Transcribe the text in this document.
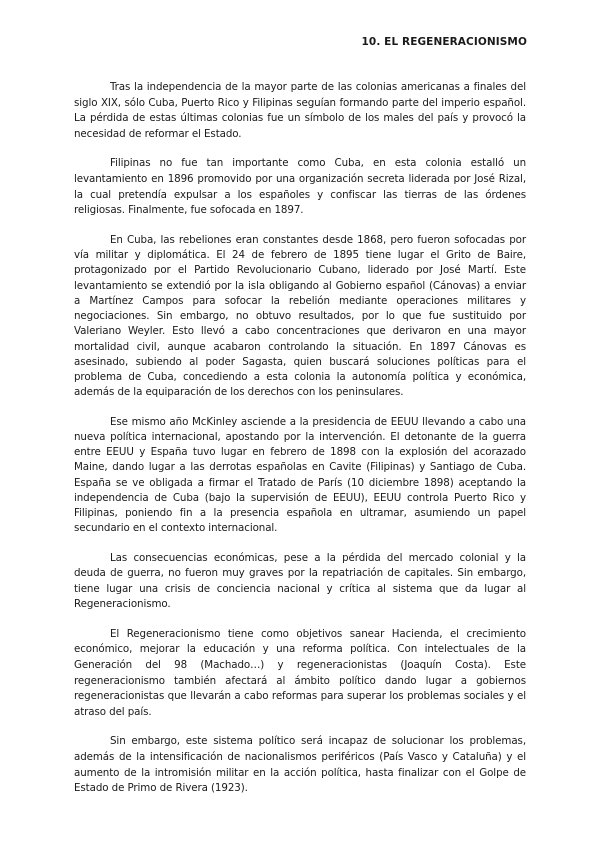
10. EL REGENERACIONISMO

Tras la independencia de la mayor parte de las colonias americanas a finales del siglo XIX, sólo Cuba, Puerto Rico y Filipinas seguían formando parte del imperio español. La pérdida de estas últimas colonias fue un símbolo de los males del país y provocó la necesidad de reformar el Estado.

Filipinas no fue tan importante como Cuba, en esta colonia estalló un levantamiento en 1896 promovido por una organización secreta liderada por José Rizal, la cual pretendía expulsar a los españoles y confiscar las tierras de las órdenes religiosas. Finalmente, fue sofocada en 1897.

En Cuba, las rebeliones eran constantes desde 1868, pero fueron sofocadas por vía militar y diplomática. El 24 de febrero de 1895 tiene lugar el Grito de Baire, protagonizado por el Partido Revolucionario Cubano, liderado por José Martí. Este levantamiento se extendió por la isla obligando al Gobierno español (Cánovas) a enviar a Martínez Campos para sofocar la rebelión mediante operaciones militares y negociaciones. Sin embargo, no obtuvo resultados, por lo que fue sustituido por Valeriano Weyler. Esto llevó a cabo concentraciones que derivaron en una mayor mortalidad civil, aunque acabaron controlando la situación. En 1897 Cánovas es asesinado, subiendo al poder Sagasta, quien buscará soluciones políticas para el problema de Cuba, concediendo a esta colonia la autonomía política y económica, además de la equiparación de los derechos con los peninsulares.

Ese mismo año McKinley asciende a la presidencia de EEUU llevando a cabo una nueva política internacional, apostando por la intervención. El detonante de la guerra entre EEUU y España tuvo lugar en febrero de 1898 con la explosión del acorazado Maine, dando lugar a las derrotas españolas en Cavite (Filipinas) y Santiago de Cuba. España se ve obligada a firmar el Tratado de París (10 diciembre 1898) aceptando la independencia de Cuba (bajo la supervisión de EEUU), EEUU controla Puerto Rico y Filipinas, poniendo fin a la presencia española en ultramar, asumiendo un papel secundario en el contexto internacional.

Las consecuencias económicas, pese a la pérdida del mercado colonial y la deuda de guerra, no fueron muy graves por la repatriación de capitales. Sin embargo, tiene lugar una crisis de conciencia nacional y crítica al sistema que da lugar al Regeneracionismo.

El Regeneracionismo tiene como objetivos sanear Hacienda, el crecimiento económico, mejorar la educación y una reforma política. Con intelectuales de la Generación del 98 (Machado…) y regeneracionistas (Joaquín Costa). Este regeneracionismo también afectará al ámbito político dando lugar a gobiernos regeneracionistas que llevarán a cabo reformas para superar los problemas sociales y el atraso del país.

Sin embargo, este sistema político será incapaz de solucionar los problemas, además de la intensificación de nacionalismos periféricos (País Vasco y Cataluña) y el aumento de la intromisión militar en la acción política, hasta finalizar con el Golpe de Estado de Primo de Rivera (1923).
